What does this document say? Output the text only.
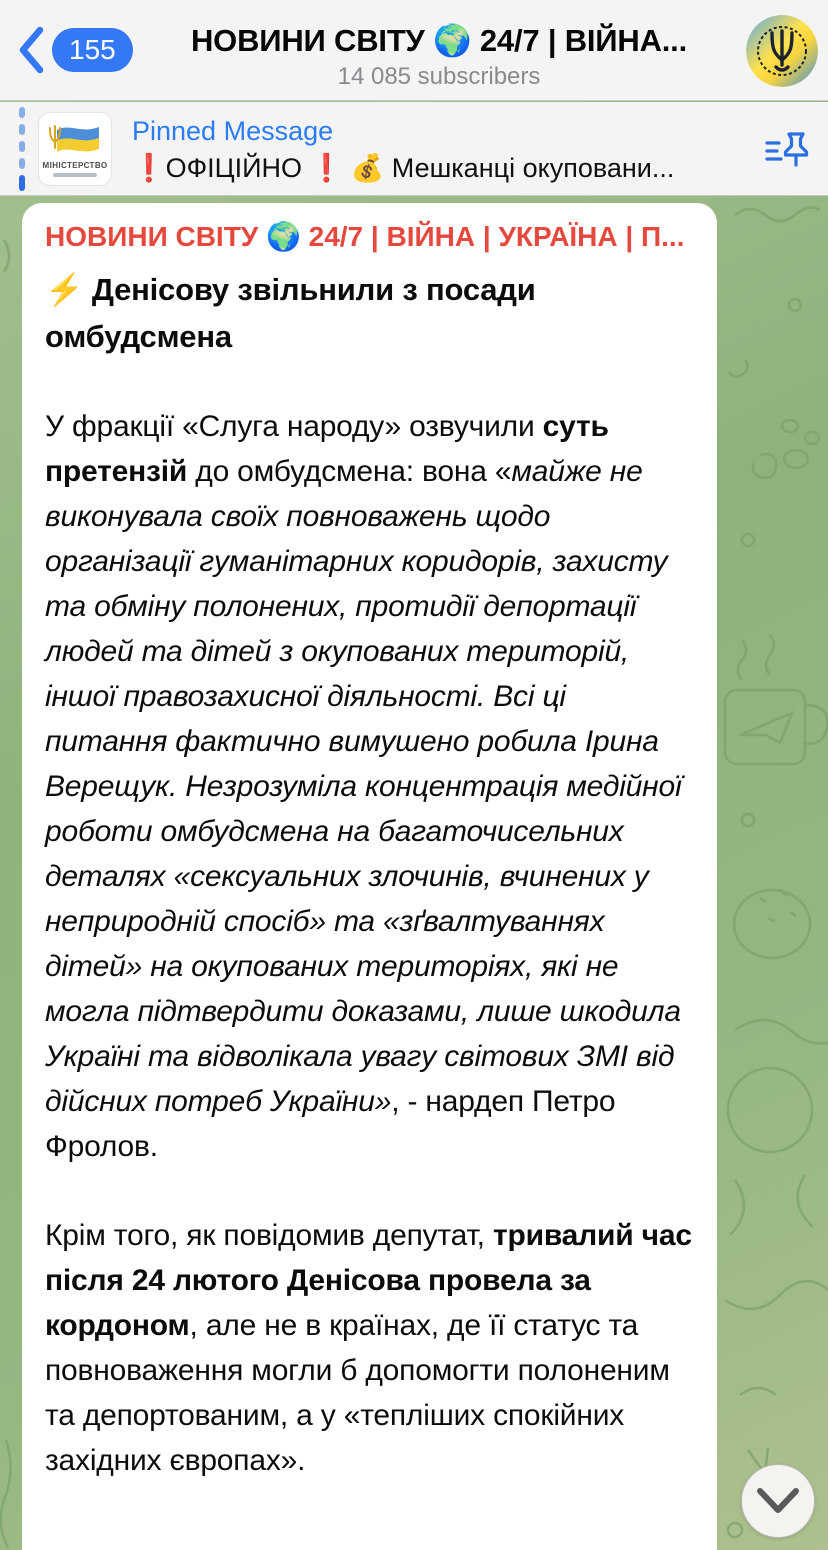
НОВИНИ СВІТУ 🌍 24/7 | ВІЙНА | УКРАЇНА | П...
⚡️ Денісову звільнили з посади омбудсмена
У фракції «Слуга народу» озвучили суть претензій до омбудсмена: вона «майже не виконувала своїх повноважень щодо організації гуманітарних коридорів, захисту та обміну полонених, протидії депортації людей та дітей з окупованих територій, іншої правозахисної діяльності. Всі ці питання фактично вимушено робила Ірина Верещук. Незрозуміла концентрація медійної роботи омбудсмена на багаточисельних деталях «сексуальних злочинів, вчинених у неприродній спосіб» та «зґвалтуваннях дітей» на окупованих територіях, які не могла підтвердити доказами, лише шкодила Україні та відволікала увагу світових ЗМІ від дійсних потреб України», - нардеп Петро Фролов.
Крім того, як повідомив депутат, тривалий час після 24 лютого Денісова провела за кордоном, але не в країнах, де її статус та повноваження могли б допомогти полоненим та депортованим, а у «тепліших спокійних західних європах».
155	НОВИНИ СВІТУ 🌍 24/7 | ВІЙНА...
14 085 subscribers
МІНІСТЕРСТВО
Pinned Message
❗️ОФІЦІЙНО ❗️ 💰 Мешканці окуповани...
